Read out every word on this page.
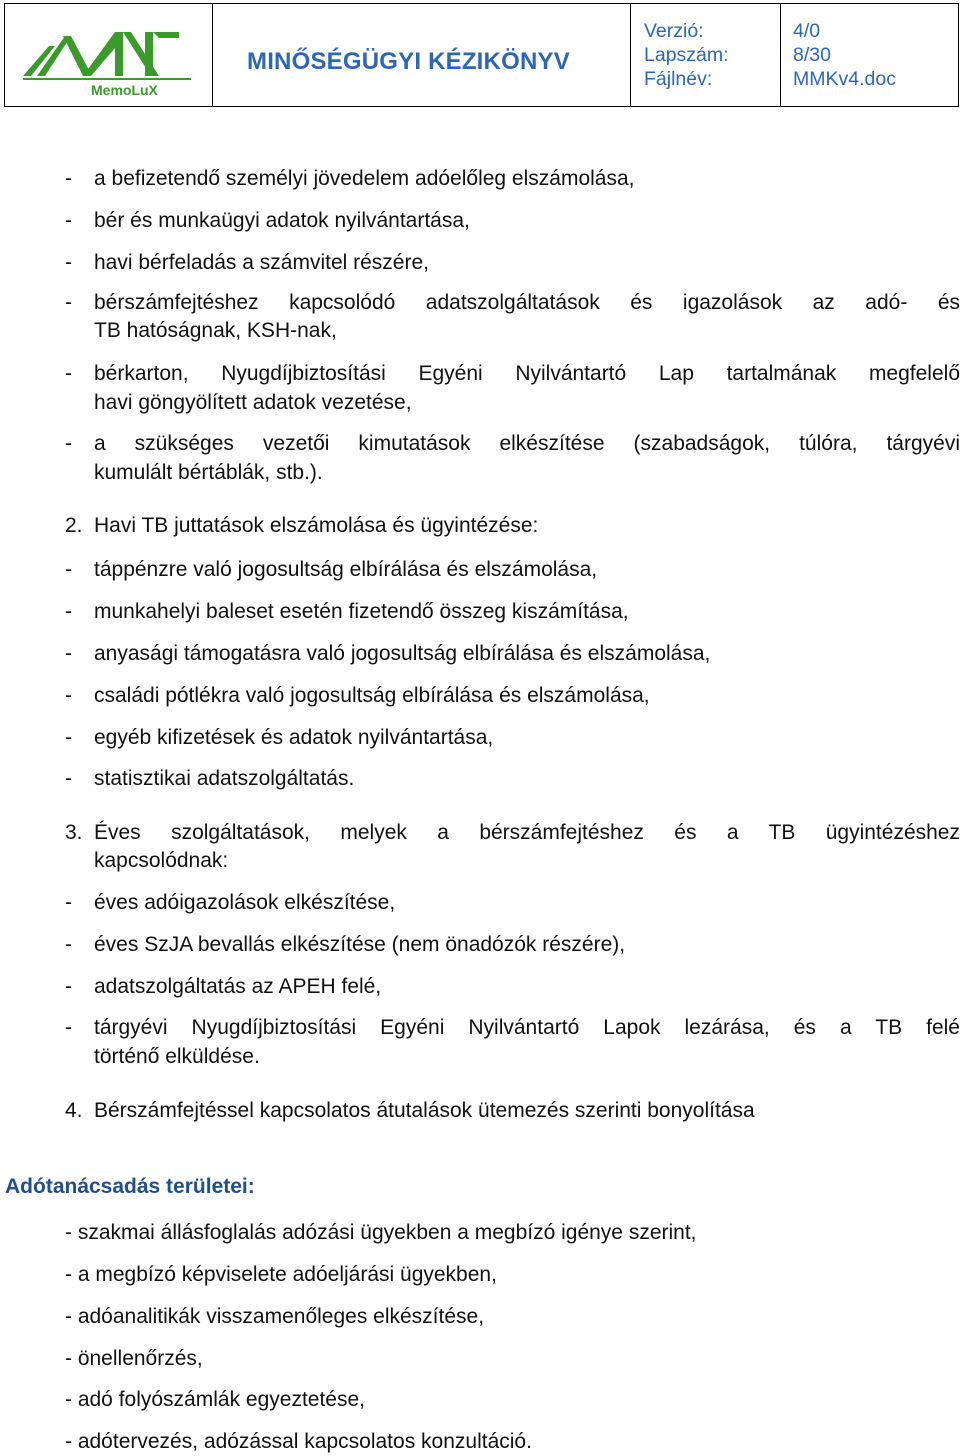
MemoLuX
MINŐSÉGÜGYI KÉZIKÖNYV
Verzió:
Lapszám:
Fájlnév:
4/0
8/30
MMKv4.doc
- a befizetendő személyi jövedelem adóelőleg elszámolása,
- bér és munkaügyi adatok nyilvántartása,
- havi bérfeladás a számvitel részére,
- bérszámfejtéshez kapcsolódó adatszolgáltatások és igazolások az adó- és
TB hatóságnak, KSH-nak,
- bérkarton, Nyugdíjbiztosítási Egyéni Nyilvántartó Lap tartalmának megfelelő
havi göngyölített adatok vezetése,
- a szükséges vezetői kimutatások elkészítése (szabadságok, túlóra, tárgyévi
kumulált bértáblák, stb.).
2. Havi TB juttatások elszámolása és ügyintézése:
- táppénzre való jogosultság elbírálása és elszámolása,
- munkahelyi baleset esetén fizetendő összeg kiszámítása,
- anyasági támogatásra való jogosultság elbírálása és elszámolása,
- családi pótlékra való jogosultság elbírálása és elszámolása,
- egyéb kifizetések és adatok nyilvántartása,
- statisztikai adatszolgáltatás.
3. Éves szolgáltatások, melyek a bérszámfejtéshez és a TB ügyintézéshez
kapcsolódnak:
- éves adóigazolások elkészítése,
- éves SzJA bevallás elkészítése (nem önadózók részére),
- adatszolgáltatás az APEH felé,
- tárgyévi Nyugdíjbiztosítási Egyéni Nyilvántartó Lapok lezárása, és a TB felé
történő elküldése.
4. Bérszámfejtéssel kapcsolatos átutalások ütemezés szerinti bonyolítása
Adótanácsadás területei:
- szakmai állásfoglalás adózási ügyekben a megbízó igénye szerint,
- a megbízó képviselete adóeljárási ügyekben,
- adóanalitikák visszamenőleges elkészítése,
- önellenőrzés,
- adó folyószámlák egyeztetése,
- adótervezés, adózással kapcsolatos konzultáció.
